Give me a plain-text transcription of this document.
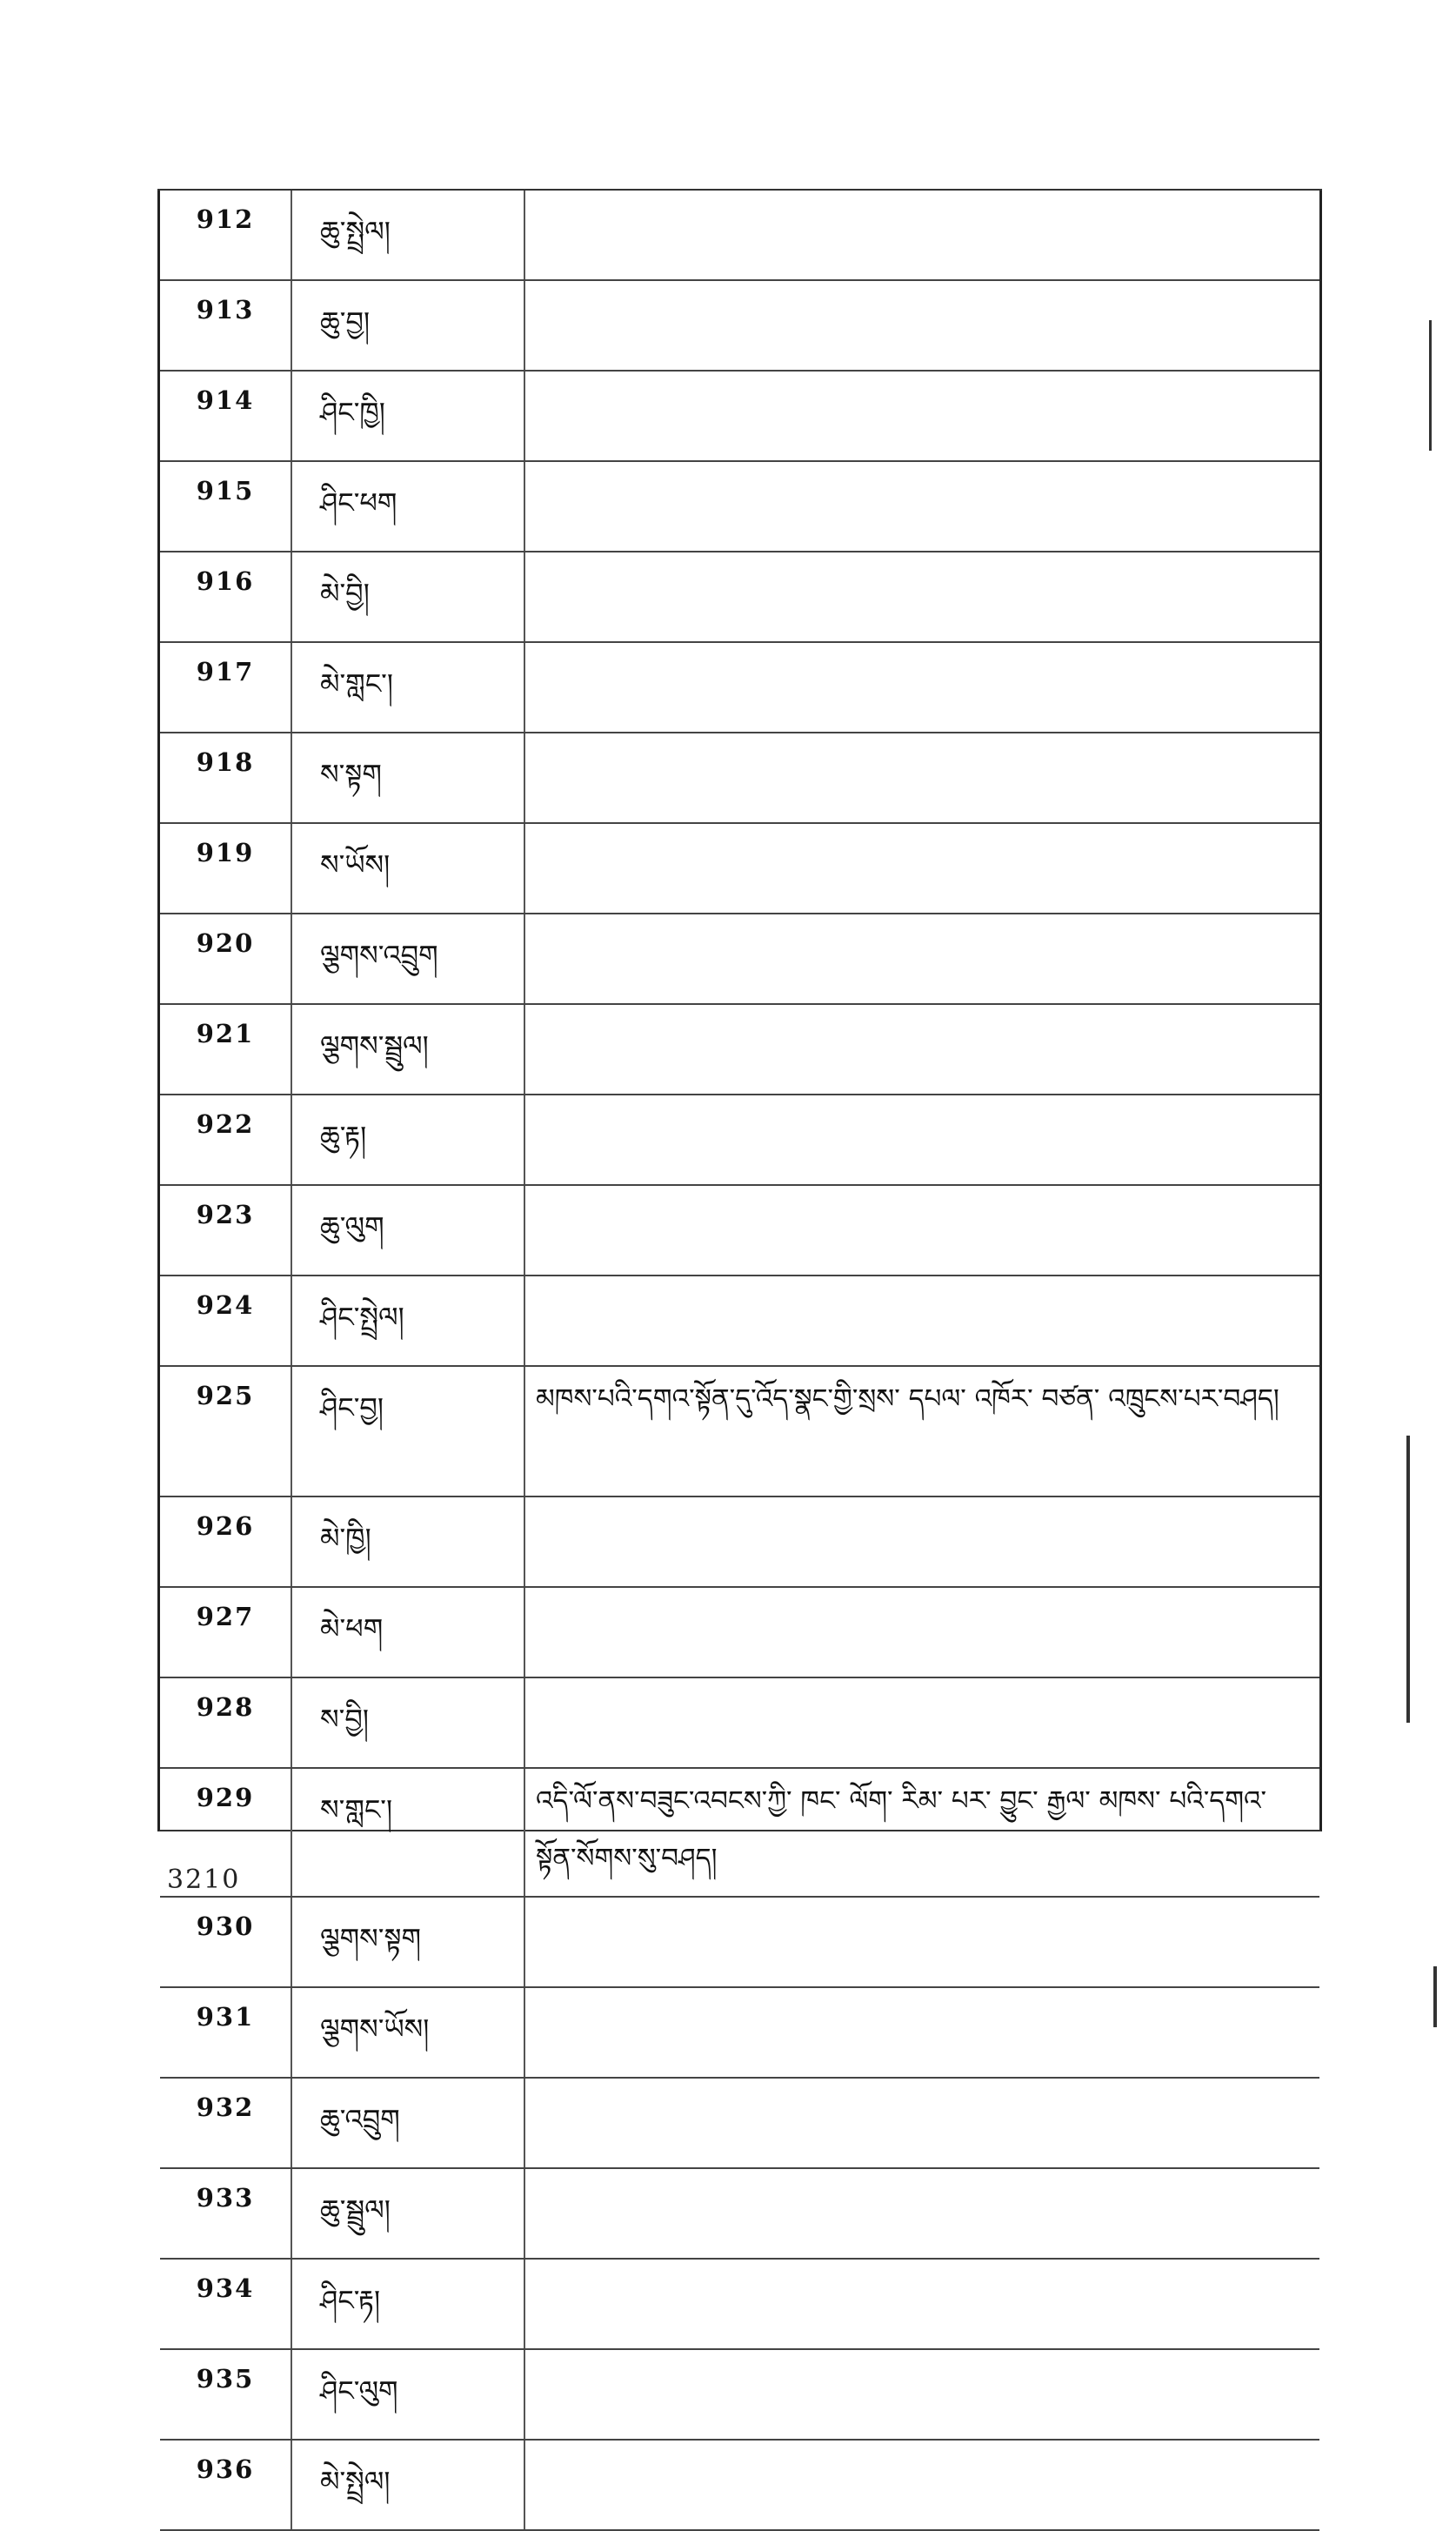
912	ཆུ་སྤྲེལ།	
913	ཆུ་བྱ།	
914	ཤིང་ཁྱི།	
915	ཤིང་ཕག	
916	མེ་བྱི།	
917	མེ་གླང་།	
918	ས་སྟག	
919	ས་ཡོས།	
920	ལྕགས་འབྲུག	
921	ལྕགས་སྦྲུལ།	
922	ཆུ་རྟ།	
923	ཆུ་ལུག	
924	ཤིང་སྤྲེལ།	
925	ཤིང་བྱ།	མཁས་པའི་དགའ་སྟོན་དུ་འོད་སྣང་གྱི་སྲས་ དཔལ་ འཁོར་ བཙན་ འཁྲུངས་པར་བཤད།
926	མེ་ཁྱི།	
927	མེ་ཕག	
928	ས་བྱི།	
929	ས་གླང་།	འདི་ལོ་ནས་བཟུང་འབངས་ཀྱི་ ཁང་ ལོག་ རིམ་ པར་ བྱུང་ རྒྱལ་ མཁས་ པའི་དགའ་སྟོན་སོགས་སུ་བཤད།
930	ལྕགས་སྟག	
931	ལྕགས་ཡོས།	
932	ཆུ་འབྲུག	
933	ཆུ་སྦྲུལ།	
934	ཤིང་རྟ།	
935	ཤིང་ལུག	
936	མེ་སྤྲེལ།	
3210
